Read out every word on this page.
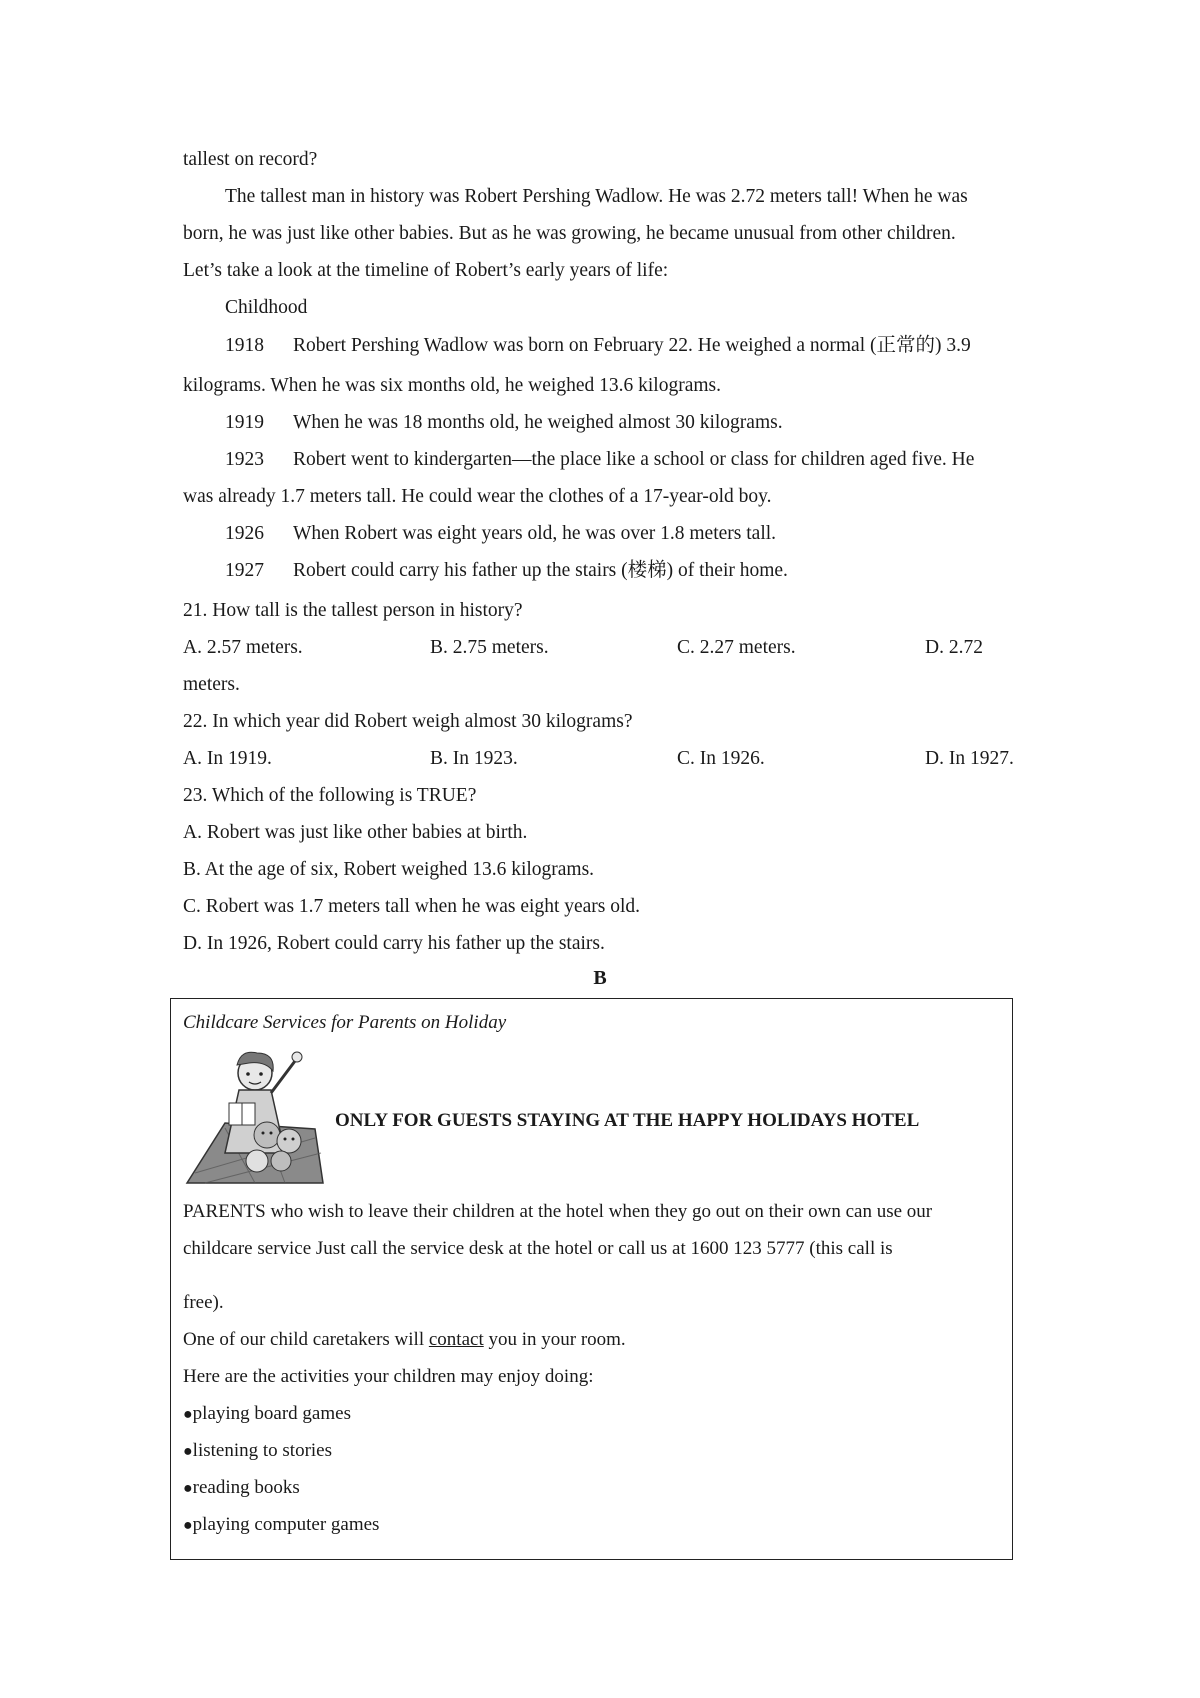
tallest on record?
The tallest man in history was Robert Pershing Wadlow. He was 2.72 meters tall! When he was
born, he was just like other babies. But as he was growing, he became unusual from other children.
Let’s take a look at the timeline of Robert’s early years of life:
Childhood
1918 Robert Pershing Wadlow was born on February 22. He weighed a normal (正常的) 3.9
kilograms. When he was six months old, he weighed 13.6 kilograms.
1919 When he was 18 months old, he weighed almost 30 kilograms.
1923 Robert went to kindergarten—the place like a school or class for children aged five. He
was already 1.7 meters tall. He could wear the clothes of a 17-year-old boy.
1926 When Robert was eight years old, he was over 1.8 meters tall.
1927 Robert could carry his father up the stairs (楼梯) of their home.
21. How tall is the tallest person in history?
A. 2.57 meters.	B. 2.75 meters.	C. 2.27 meters.	D. 2.72
meters.
22. In which year did Robert weigh almost 30 kilograms?
A. In 1919.	B. In 1923.	C. In 1926.	D. In 1927.
23. Which of the following is TRUE?
A. Robert was just like other babies at birth.
B. At the age of six, Robert weighed 13.6 kilograms.
C. Robert was 1.7 meters tall when he was eight years old.
D. In 1926, Robert could carry his father up the stairs.
B
Childcare Services for Parents on Holiday
ONLY FOR GUESTS STAYING AT THE HAPPY HOLIDAYS HOTEL
PARENTS who wish to leave their children at the hotel when they go out on their own can use our
childcare service Just call the service desk at the hotel or call us at 1600 123 5777 (this call is
free).
One of our child caretakers will contact you in your room.
Here are the activities your children may enjoy doing:
●playing board games
●listening to stories
●reading books
●playing computer games
